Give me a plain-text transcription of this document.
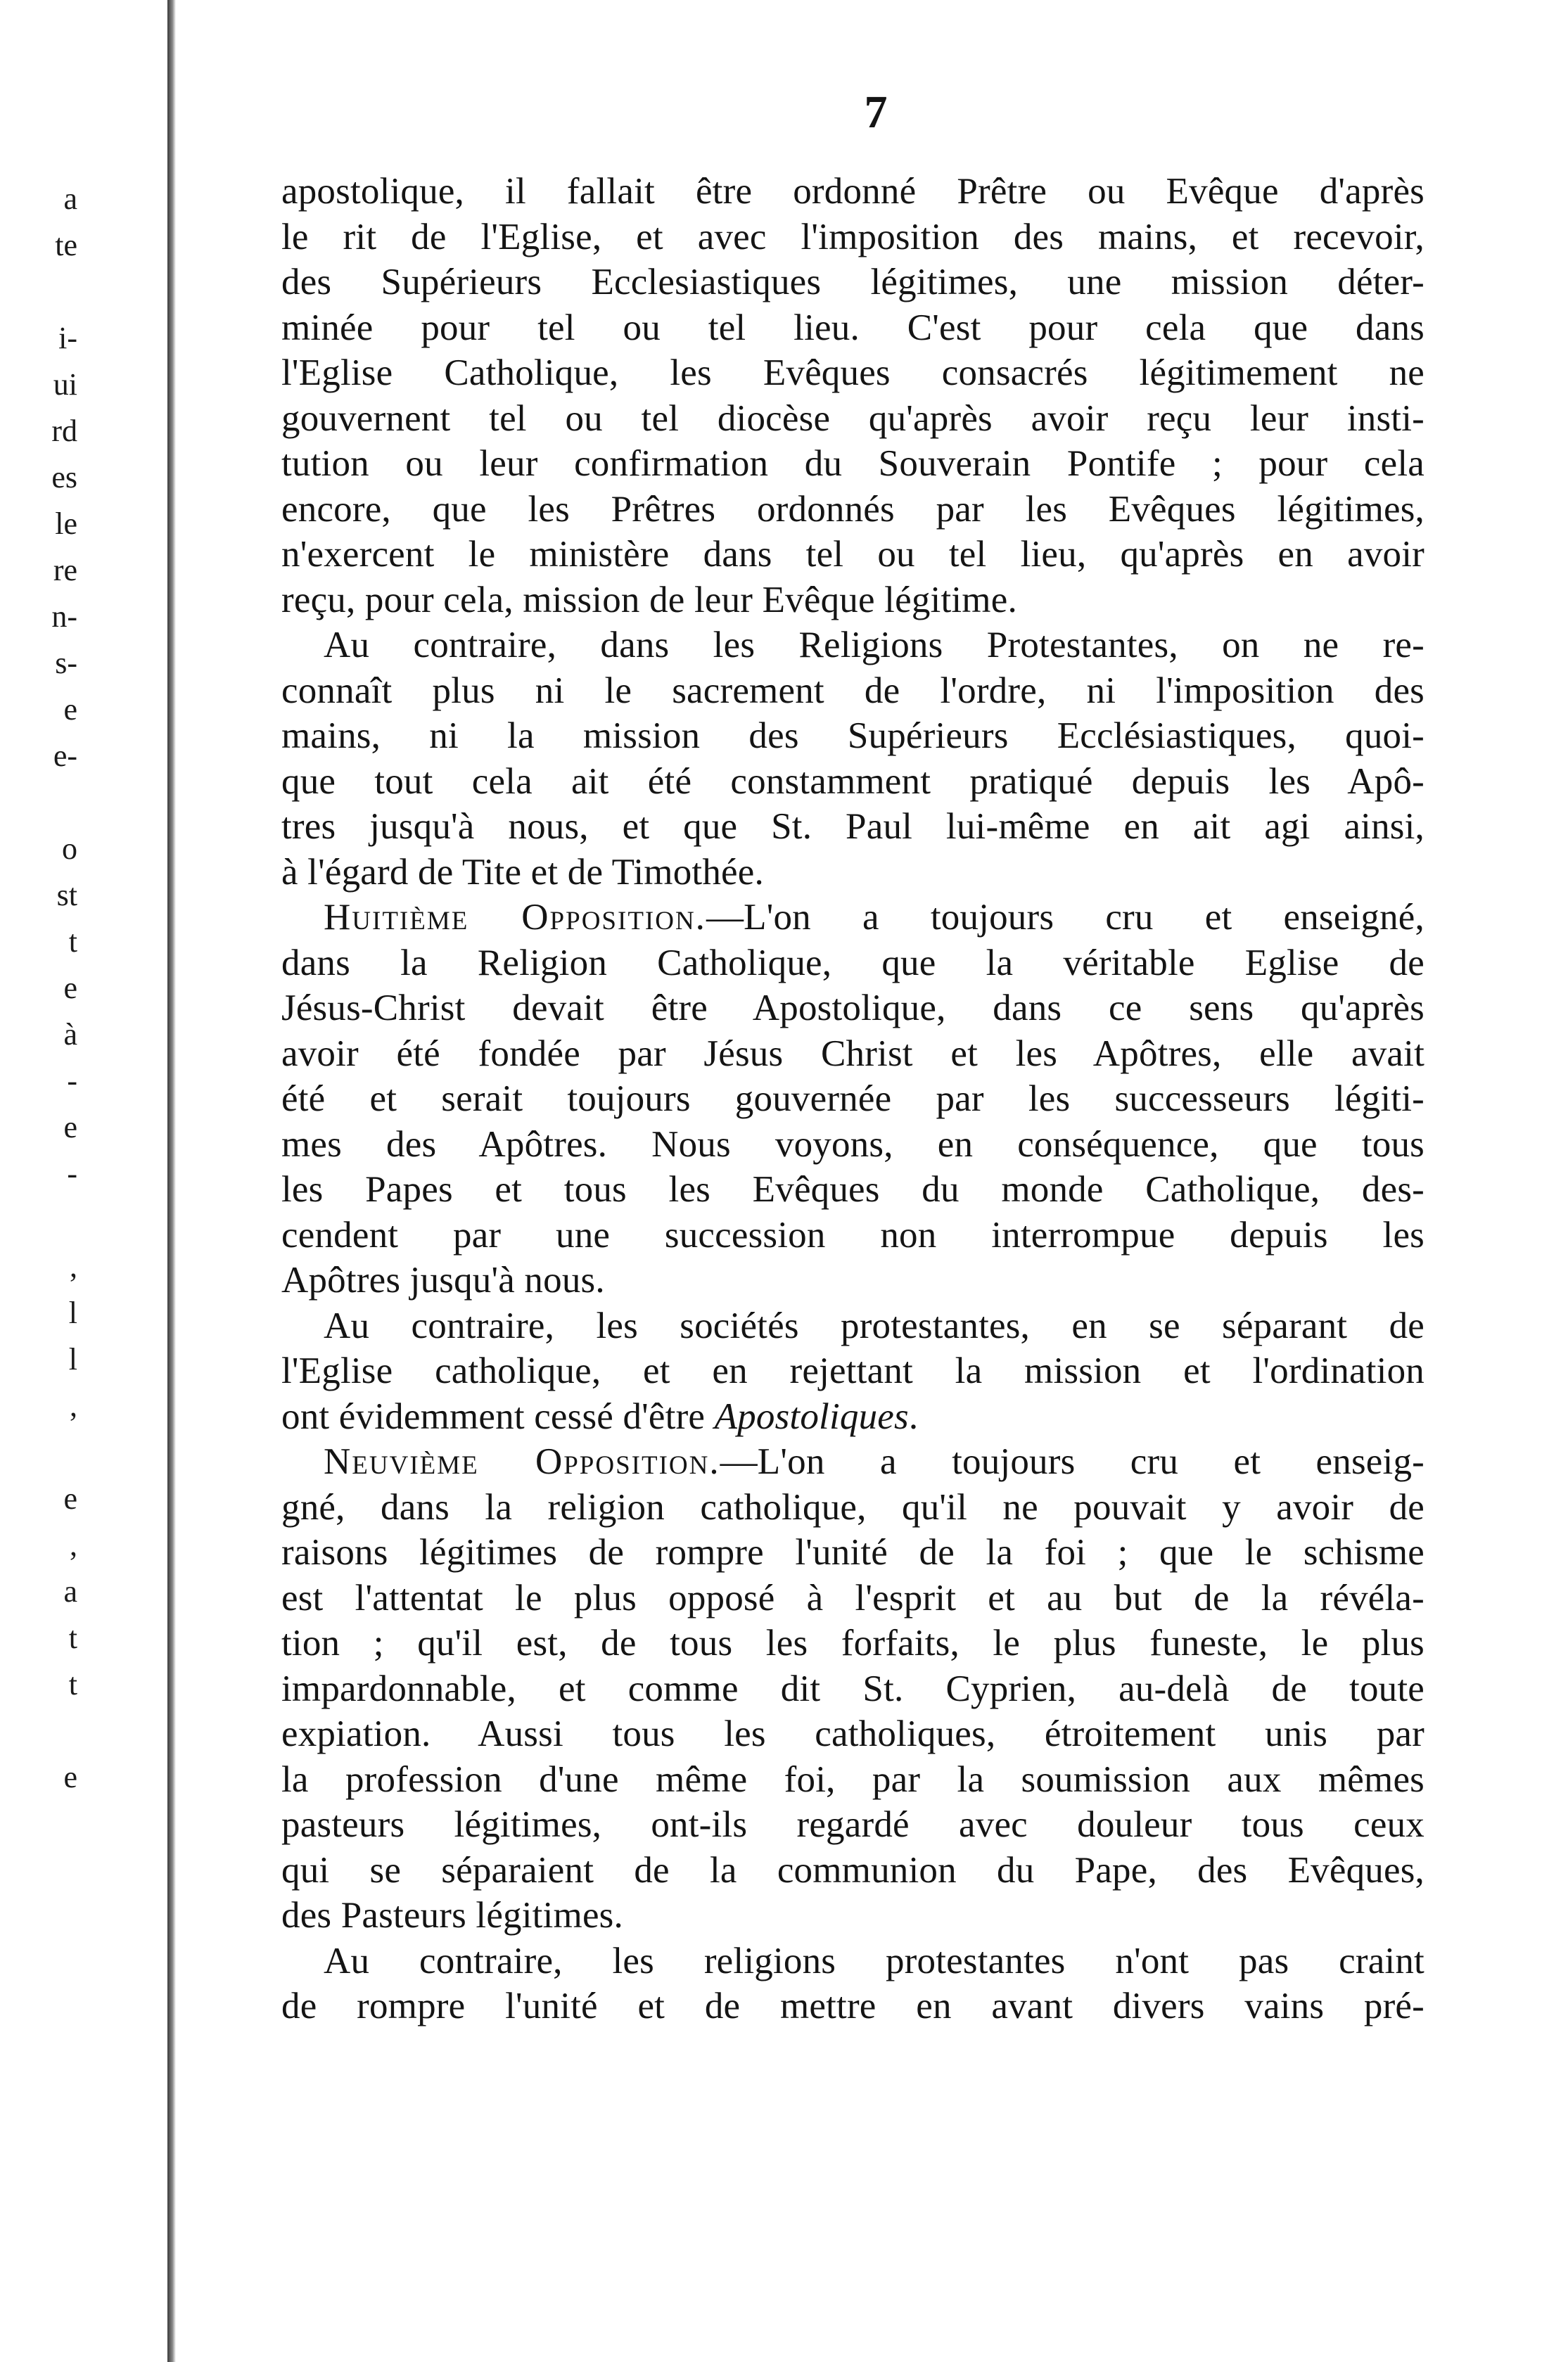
a
te
i-
ui
rd
es
le
re
n-
s-
e
e-
o
st
t
e
à
-
e
-
,
l
l
,
e
,
a
t
t
e
7
apostolique, il fallait être ordonné Prêtre ou Evêque d'après
le rit de l'Eglise, et avec l'imposition des mains, et recevoir,
des Supérieurs Ecclesiastiques légitimes, une mission déter-
minée pour tel ou tel lieu. C'est pour cela que dans
l'Eglise Catholique, les Evêques consacrés légitimement ne
gouvernent tel ou tel diocèse qu'après avoir reçu leur insti-
tution ou leur confirmation du Souverain Pontife ; pour cela
encore, que les Prêtres ordonnés par les Evêques légitimes,
n'exercent le ministère dans tel ou tel lieu, qu'après en avoir
reçu, pour cela, mission de leur Evêque légitime.
Au contraire, dans les Religions Protestantes, on ne re-
connaît plus ni le sacrement de l'ordre, ni l'imposition des
mains, ni la mission des Supérieurs Ecclésiastiques, quoi-
que tout cela ait été constamment pratiqué depuis les Apô-
tres jusqu'à nous, et que St. Paul lui-même en ait agi ainsi,
à l'égard de Tite et de Timothée.
Huitième Opposition.—L'on a toujours cru et enseigné,
dans la Religion Catholique, que la véritable Eglise de
Jésus-Christ devait être Apostolique, dans ce sens qu'après
avoir été fondée par Jésus Christ et les Apôtres, elle avait
été et serait toujours gouvernée par les successeurs légiti-
mes des Apôtres. Nous voyons, en conséquence, que tous
les Papes et tous les Evêques du monde Catholique, des-
cendent par une succession non interrompue depuis les
Apôtres jusqu'à nous.
Au contraire, les sociétés protestantes, en se séparant de
l'Eglise catholique, et en rejettant la mission et l'ordination
ont évidemment cessé d'être Apostoliques.
Neuvième Opposition.—L'on a toujours cru et enseig-
gné, dans la religion catholique, qu'il ne pouvait y avoir de
raisons légitimes de rompre l'unité de la foi ; que le schisme
est l'attentat le plus opposé à l'esprit et au but de la révéla-
tion ; qu'il est, de tous les forfaits, le plus funeste, le plus
impardonnable, et comme dit St. Cyprien, au-delà de toute
expiation. Aussi tous les catholiques, étroitement unis par
la profession d'une même foi, par la soumission aux mêmes
pasteurs légitimes, ont-ils regardé avec douleur tous ceux
qui se séparaient de la communion du Pape, des Evêques,
des Pasteurs légitimes.
Au contraire, les religions protestantes n'ont pas craint
de rompre l'unité et de mettre en avant divers vains pré-
